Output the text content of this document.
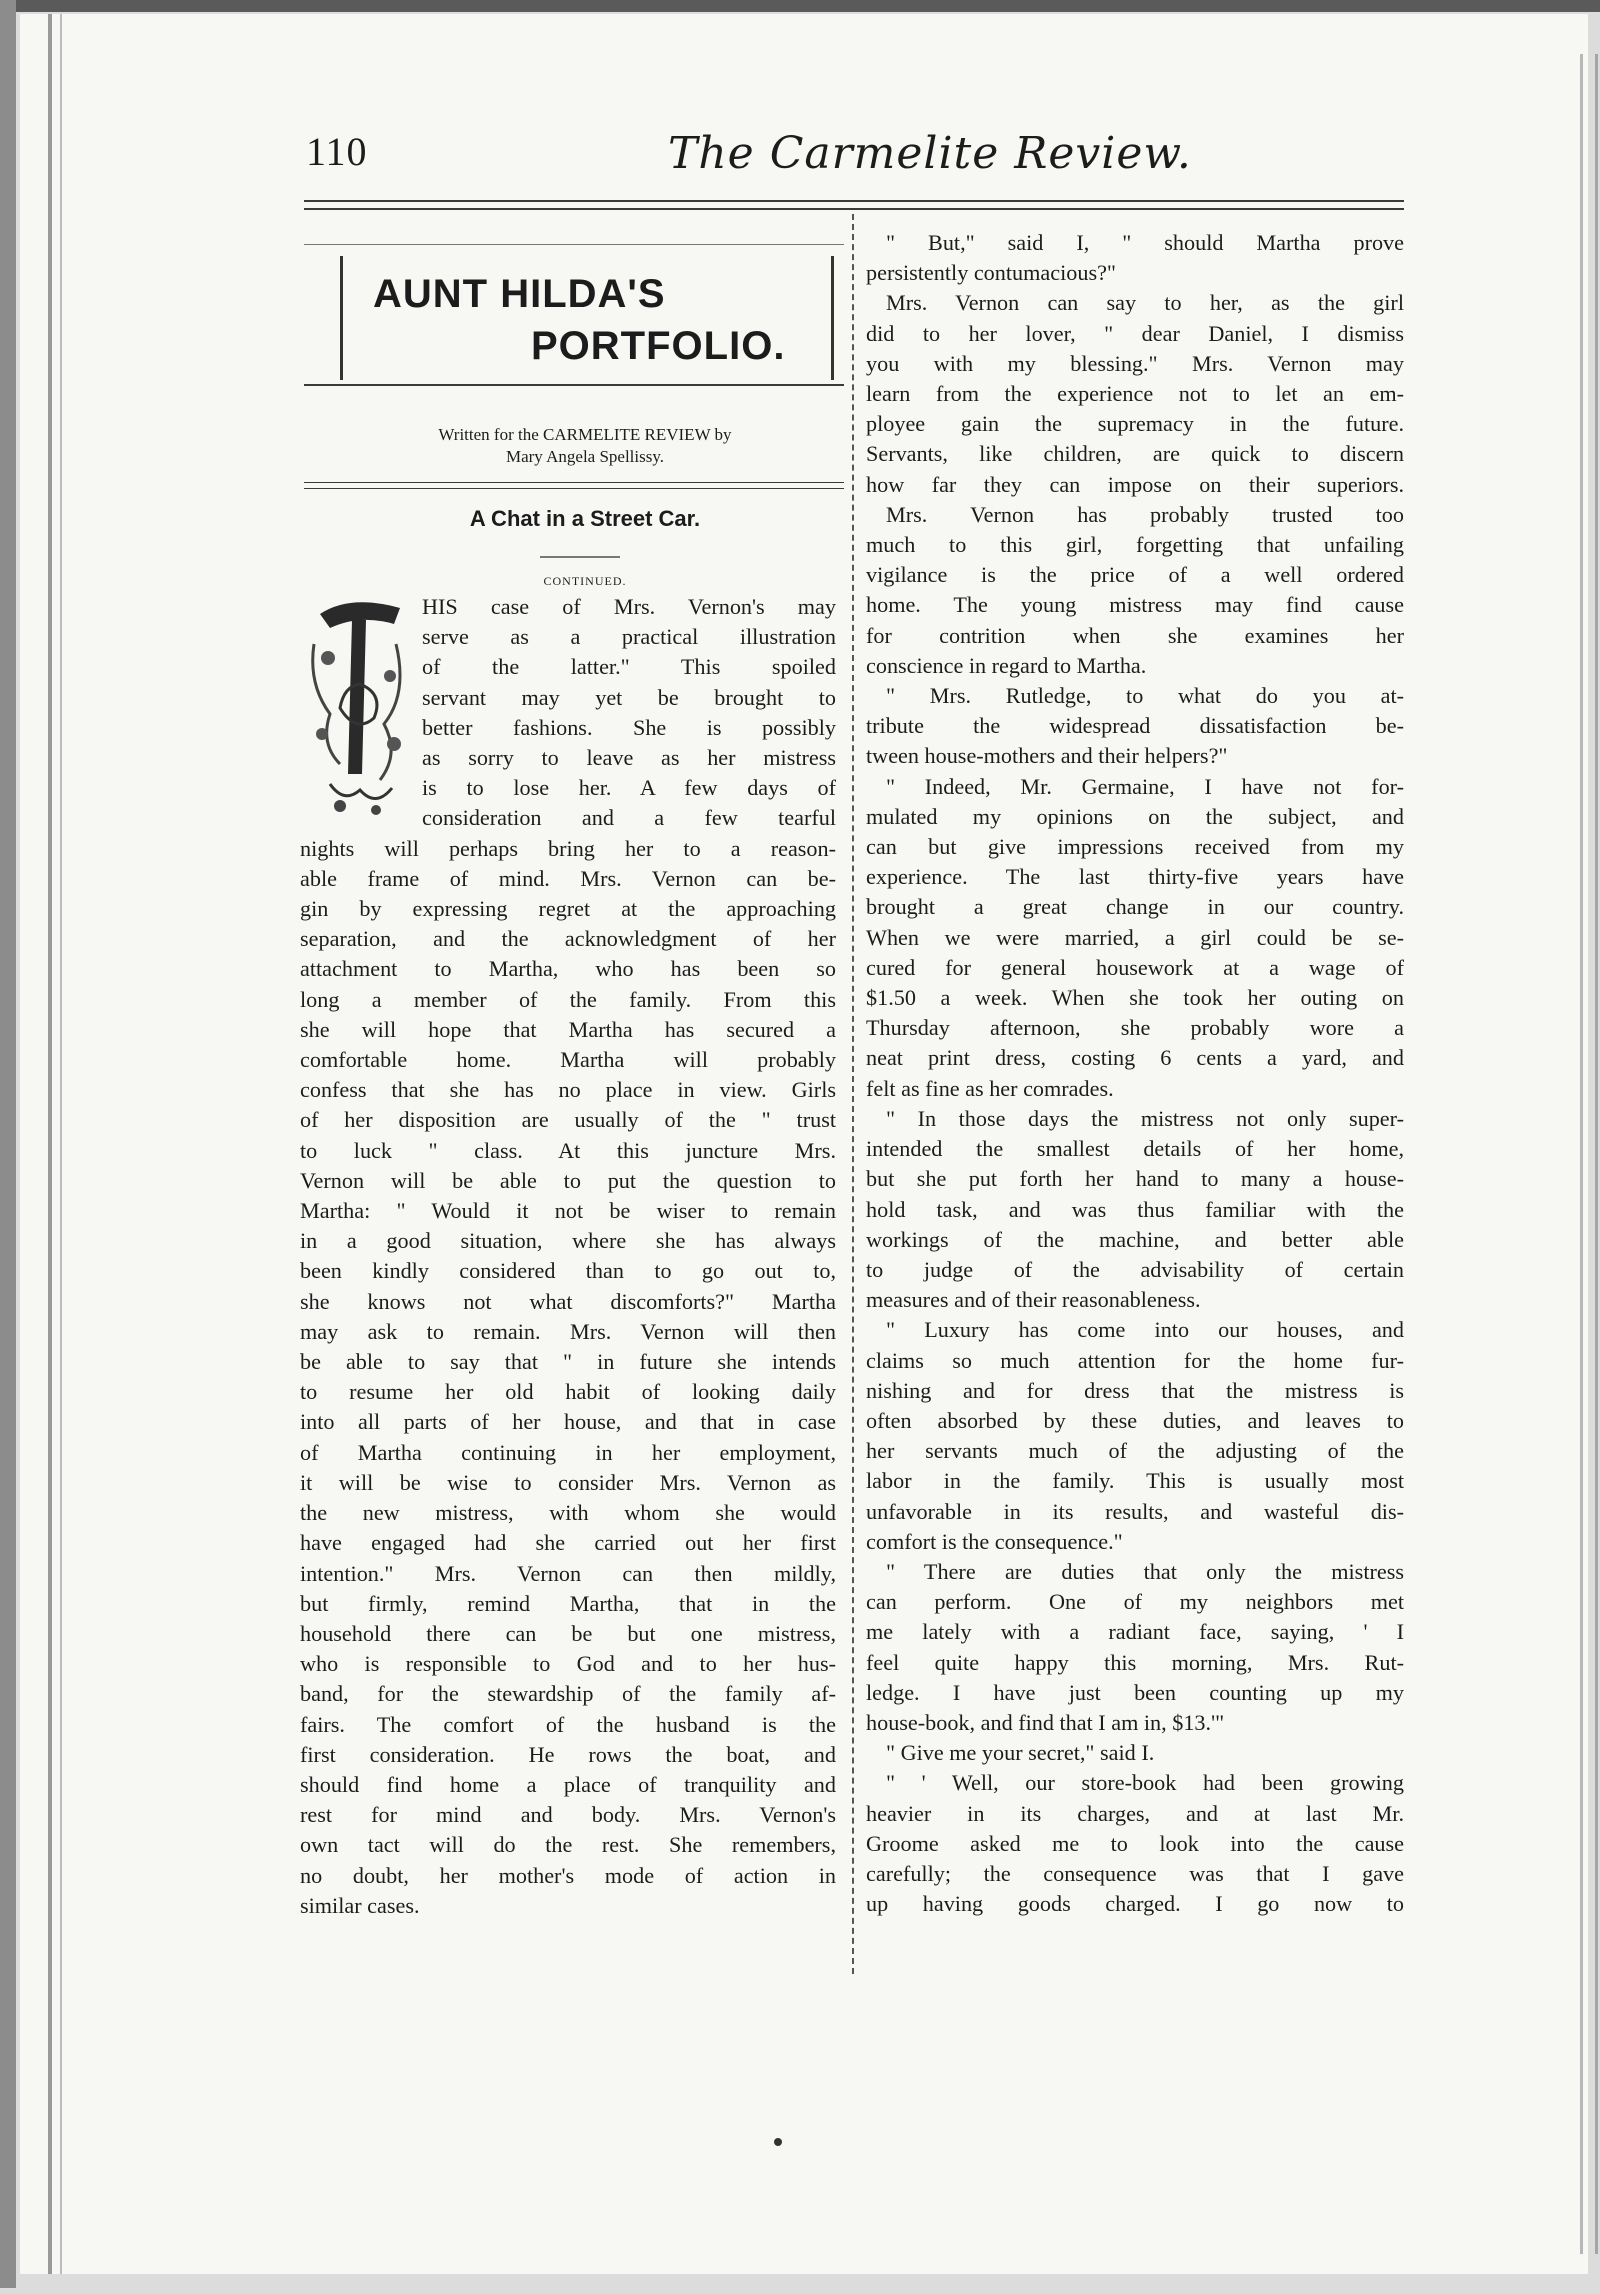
110	The Carmelite Review.
AUNT HILDA'S
PORTFOLIO.
Written for the CARMELITE REVIEW by
Mary Angela Spellissy.
A Chat in a Street Car.
CONTINUED.
HIS case of Mrs. Vernon's may
serve as a practical illustration
of the latter." This spoiled
servant may yet be brought to
better fashions. She is possibly
as sorry to leave as her mistress
is to lose her. A few days of
consideration and a few tearful
nights will perhaps bring her to a reason-
able frame of mind. Mrs. Vernon can be-
gin by expressing regret at the approaching
separation, and the acknowledgment of her
attachment to Martha, who has been so
long a member of the family. From this
she will hope that Martha has secured a
comfortable home. Martha will probably
confess that she has no place in view. Girls
of her disposition are usually of the " trust
to luck " class. At this juncture Mrs.
Vernon will be able to put the question to
Martha: " Would it not be wiser to remain
in a good situation, where she has always
been kindly considered than to go out to,
she knows not what discomforts?" Martha
may ask to remain. Mrs. Vernon will then
be able to say that " in future she intends
to resume her old habit of looking daily
into all parts of her house, and that in case
of Martha continuing in her employment,
it will be wise to consider Mrs. Vernon as
the new mistress, with whom she would
have engaged had she carried out her first
intention." Mrs. Vernon can then mildly,
but firmly, remind Martha, that in the
household there can be but one mistress,
who is responsible to God and to her hus-
band, for the stewardship of the family af-
fairs. The comfort of the husband is the
first consideration. He rows the boat, and
should find home a place of tranquility and
rest for mind and body. Mrs. Vernon's
own tact will do the rest. She remembers,
no doubt, her mother's mode of action in
similar cases.
" But," said I, " should Martha prove
persistently contumacious?"
Mrs. Vernon can say to her, as the girl
did to her lover, " dear Daniel, I dismiss
you with my blessing." Mrs. Vernon may
learn from the experience not to let an em-
ployee gain the supremacy in the future.
Servants, like children, are quick to discern
how far they can impose on their superiors.
Mrs. Vernon has probably trusted too
much to this girl, forgetting that unfailing
vigilance is the price of a well ordered
home. The young mistress may find cause
for contrition when she examines her
conscience in regard to Martha.
" Mrs. Rutledge, to what do you at-
tribute the widespread dissatisfaction be-
tween house-mothers and their helpers?"
" Indeed, Mr. Germaine, I have not for-
mulated my opinions on the subject, and
can but give impressions received from my
experience. The last thirty-five years have
brought a great change in our country.
When we were married, a girl could be se-
cured for general housework at a wage of
$1.50 a week. When she took her outing on
Thursday afternoon, she probably wore a
neat print dress, costing 6 cents a yard, and
felt as fine as her comrades.
" In those days the mistress not only super-
intended the smallest details of her home,
but she put forth her hand to many a house-
hold task, and was thus familiar with the
workings of the machine, and better able
to judge of the advisability of certain
measures and of their reasonableness.
" Luxury has come into our houses, and
claims so much attention for the home fur-
nishing and for dress that the mistress is
often absorbed by these duties, and leaves to
her servants much of the adjusting of the
labor in the family. This is usually most
unfavorable in its results, and wasteful dis-
comfort is the consequence."
" There are duties that only the mistress
can perform. One of my neighbors met
me lately with a radiant face, saying, ' I
feel quite happy this morning, Mrs. Rut-
ledge. I have just been counting up my
house-book, and find that I am in, $13.'"
" Give me your secret," said I.
" ' Well, our store-book had been growing
heavier in its charges, and at last Mr.
Groome asked me to look into the cause
carefully; the consequence was that I gave
up having goods charged. I go now to
